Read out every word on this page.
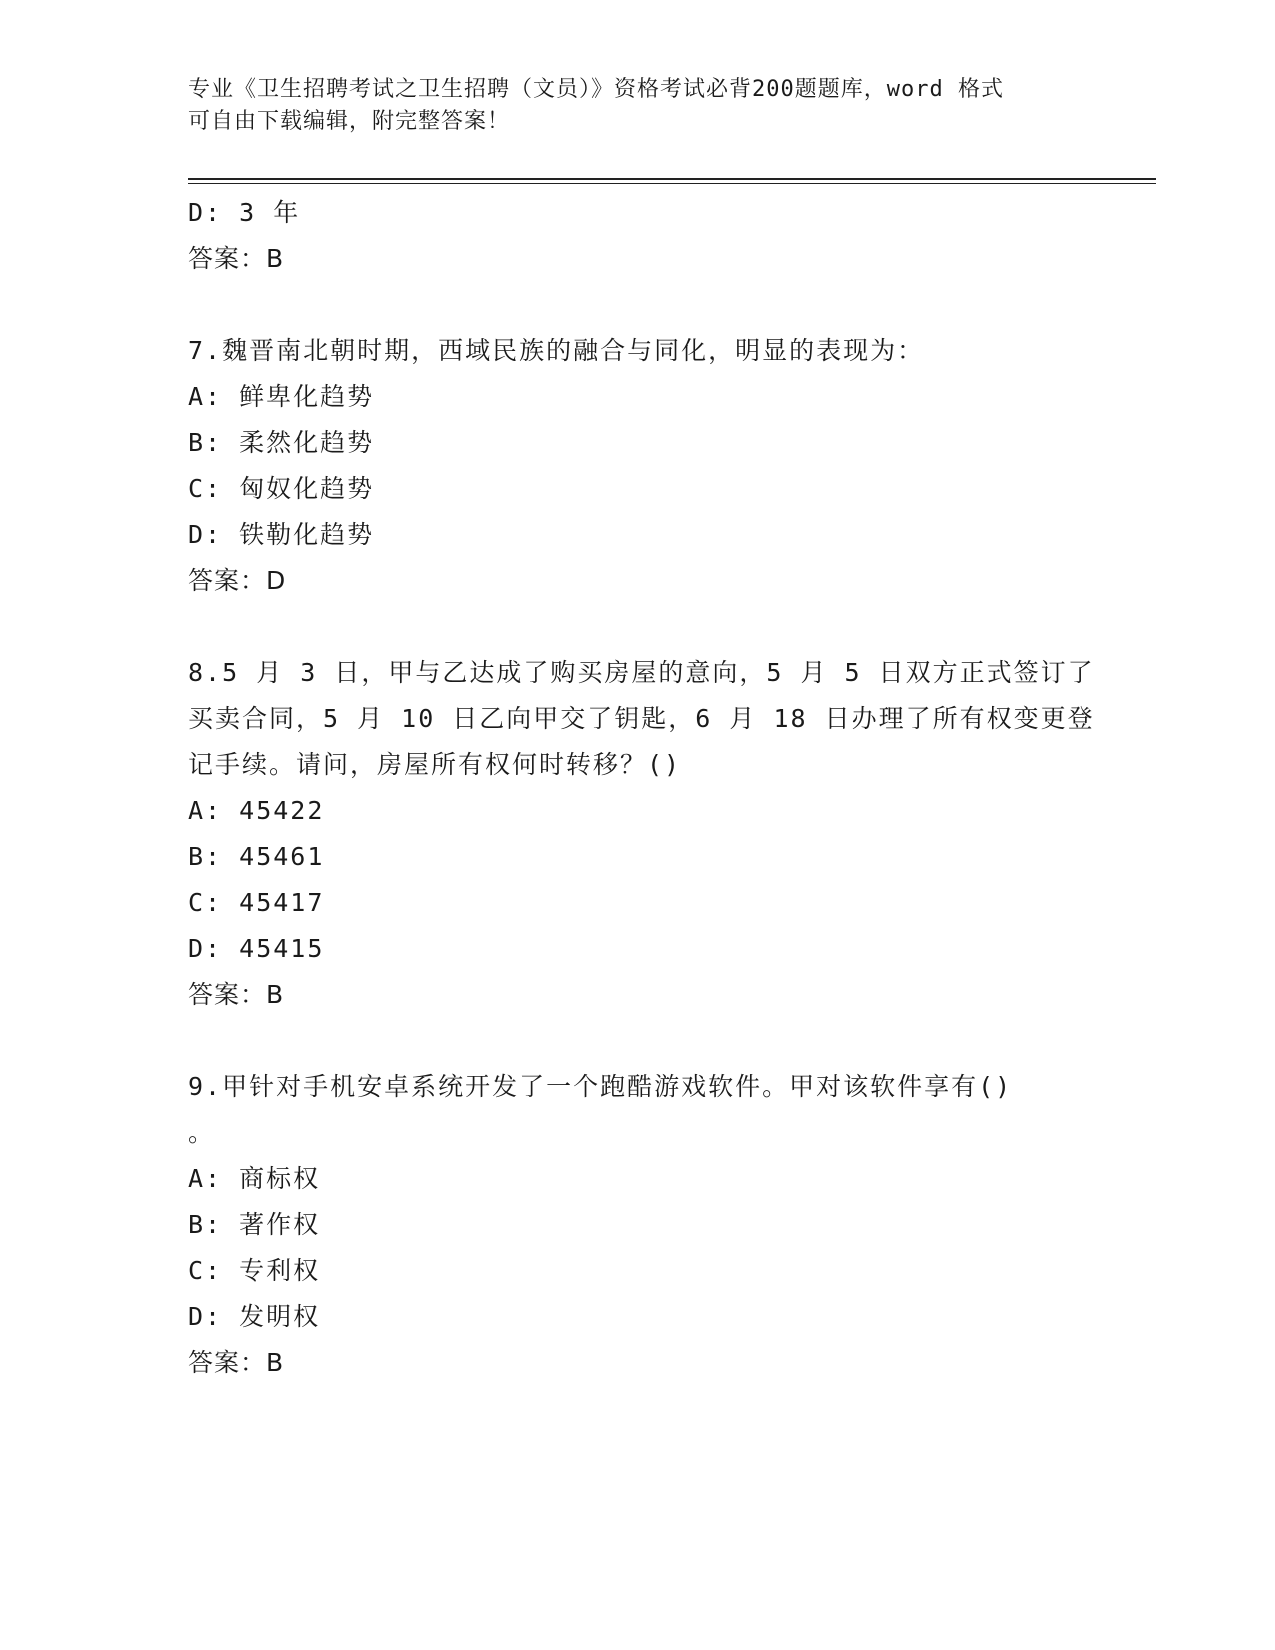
专业《卫生招聘考试之卫生招聘（文员）》资格考试必背200题题库，word 格式
可自由下载编辑，附完整答案！
D: 3 年
答案：B
7.魏晋南北朝时期，西域民族的融合与同化，明显的表现为：
A: 鲜卑化趋势
B: 柔然化趋势
C: 匈奴化趋势
D: 铁勒化趋势
答案：D
8.5 月 3 日，甲与乙达成了购买房屋的意向，5 月 5 日双方正式签订了
买卖合同，5 月 10 日乙向甲交了钥匙，6 月 18 日办理了所有权变更登
记手续。请问，房屋所有权何时转移？()
A: 45422
B: 45461
C: 45417
D: 45415
答案：B
9.甲针对手机安卓系统开发了一个跑酷游戏软件。甲对该软件享有()
。
A: 商标权
B: 著作权
C: 专利权
D: 发明权
答案：B
